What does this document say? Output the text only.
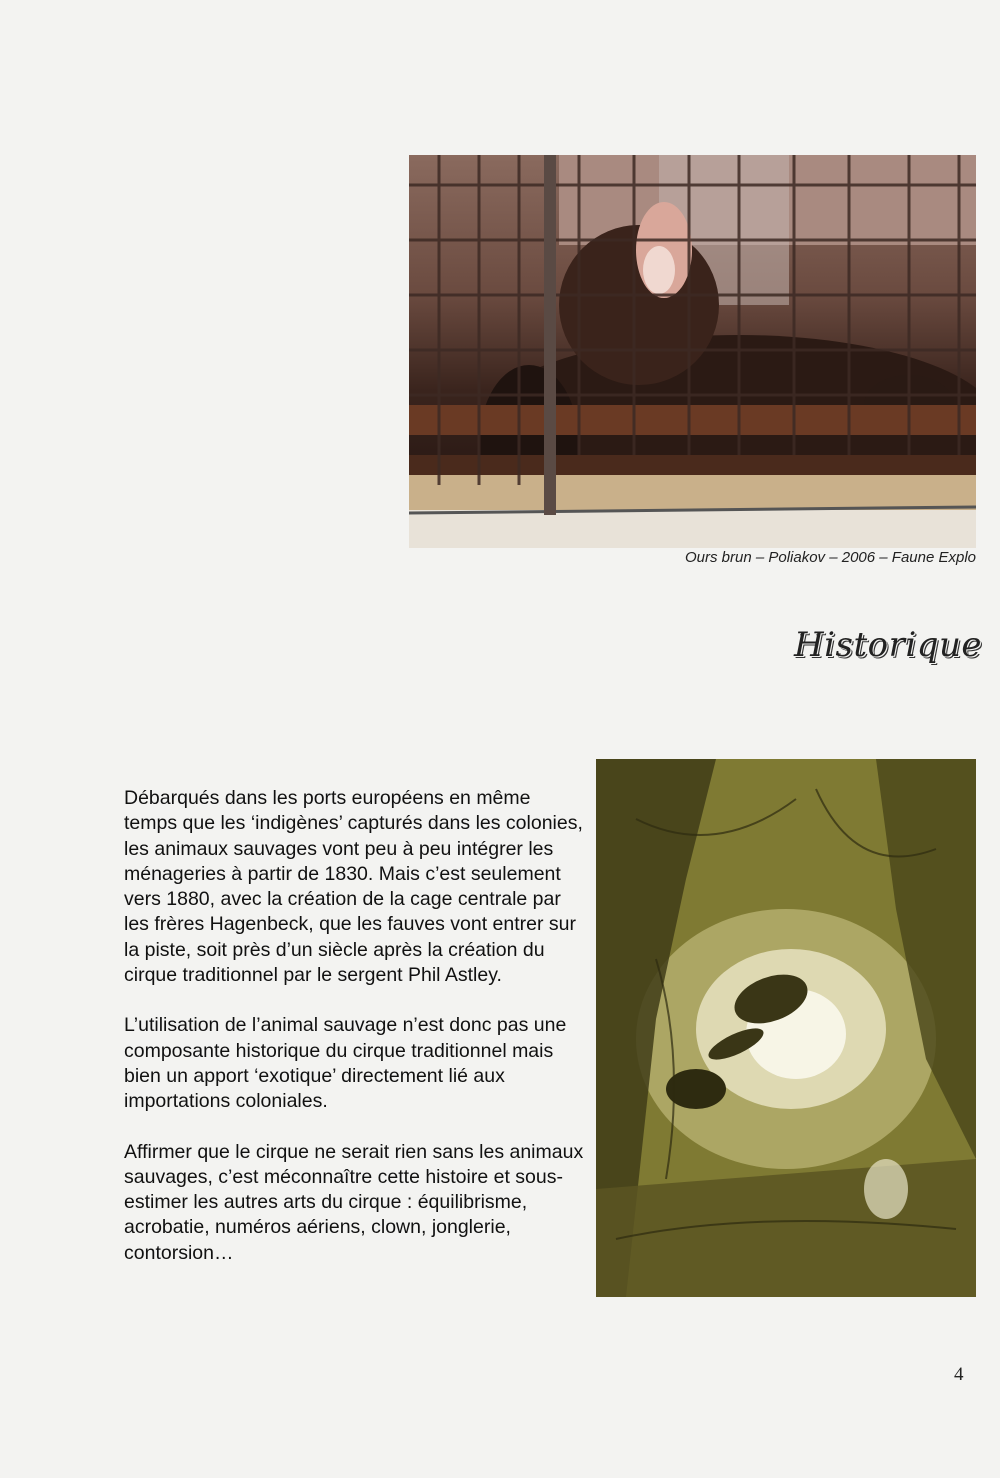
Ours brun – Poliakov – 2006 – Faune Explo
Historique

Débarqués dans les ports européens en même temps que les ‘indigènes’ capturés dans les colonies, les animaux sauvages vont peu à peu intégrer les ménageries à partir de 1830. Mais c’est seulement vers 1880, avec la création de la cage centrale par les frères Hagenbeck, que les fauves vont entrer sur la piste, soit près d’un siècle après la création du cirque traditionnel par le sergent Phil Astley.

L’utilisation de l’animal sauvage n’est donc pas une composante historique du cirque traditionnel mais bien un apport ‘exotique’ directement lié aux importations coloniales.

Affirmer que le cirque ne serait rien sans les animaux sauvages, c’est méconnaître cette histoire et sous-estimer les autres arts du cirque : équilibrisme, acrobatie, numéros aériens, clown, jonglerie, contorsion…

4
